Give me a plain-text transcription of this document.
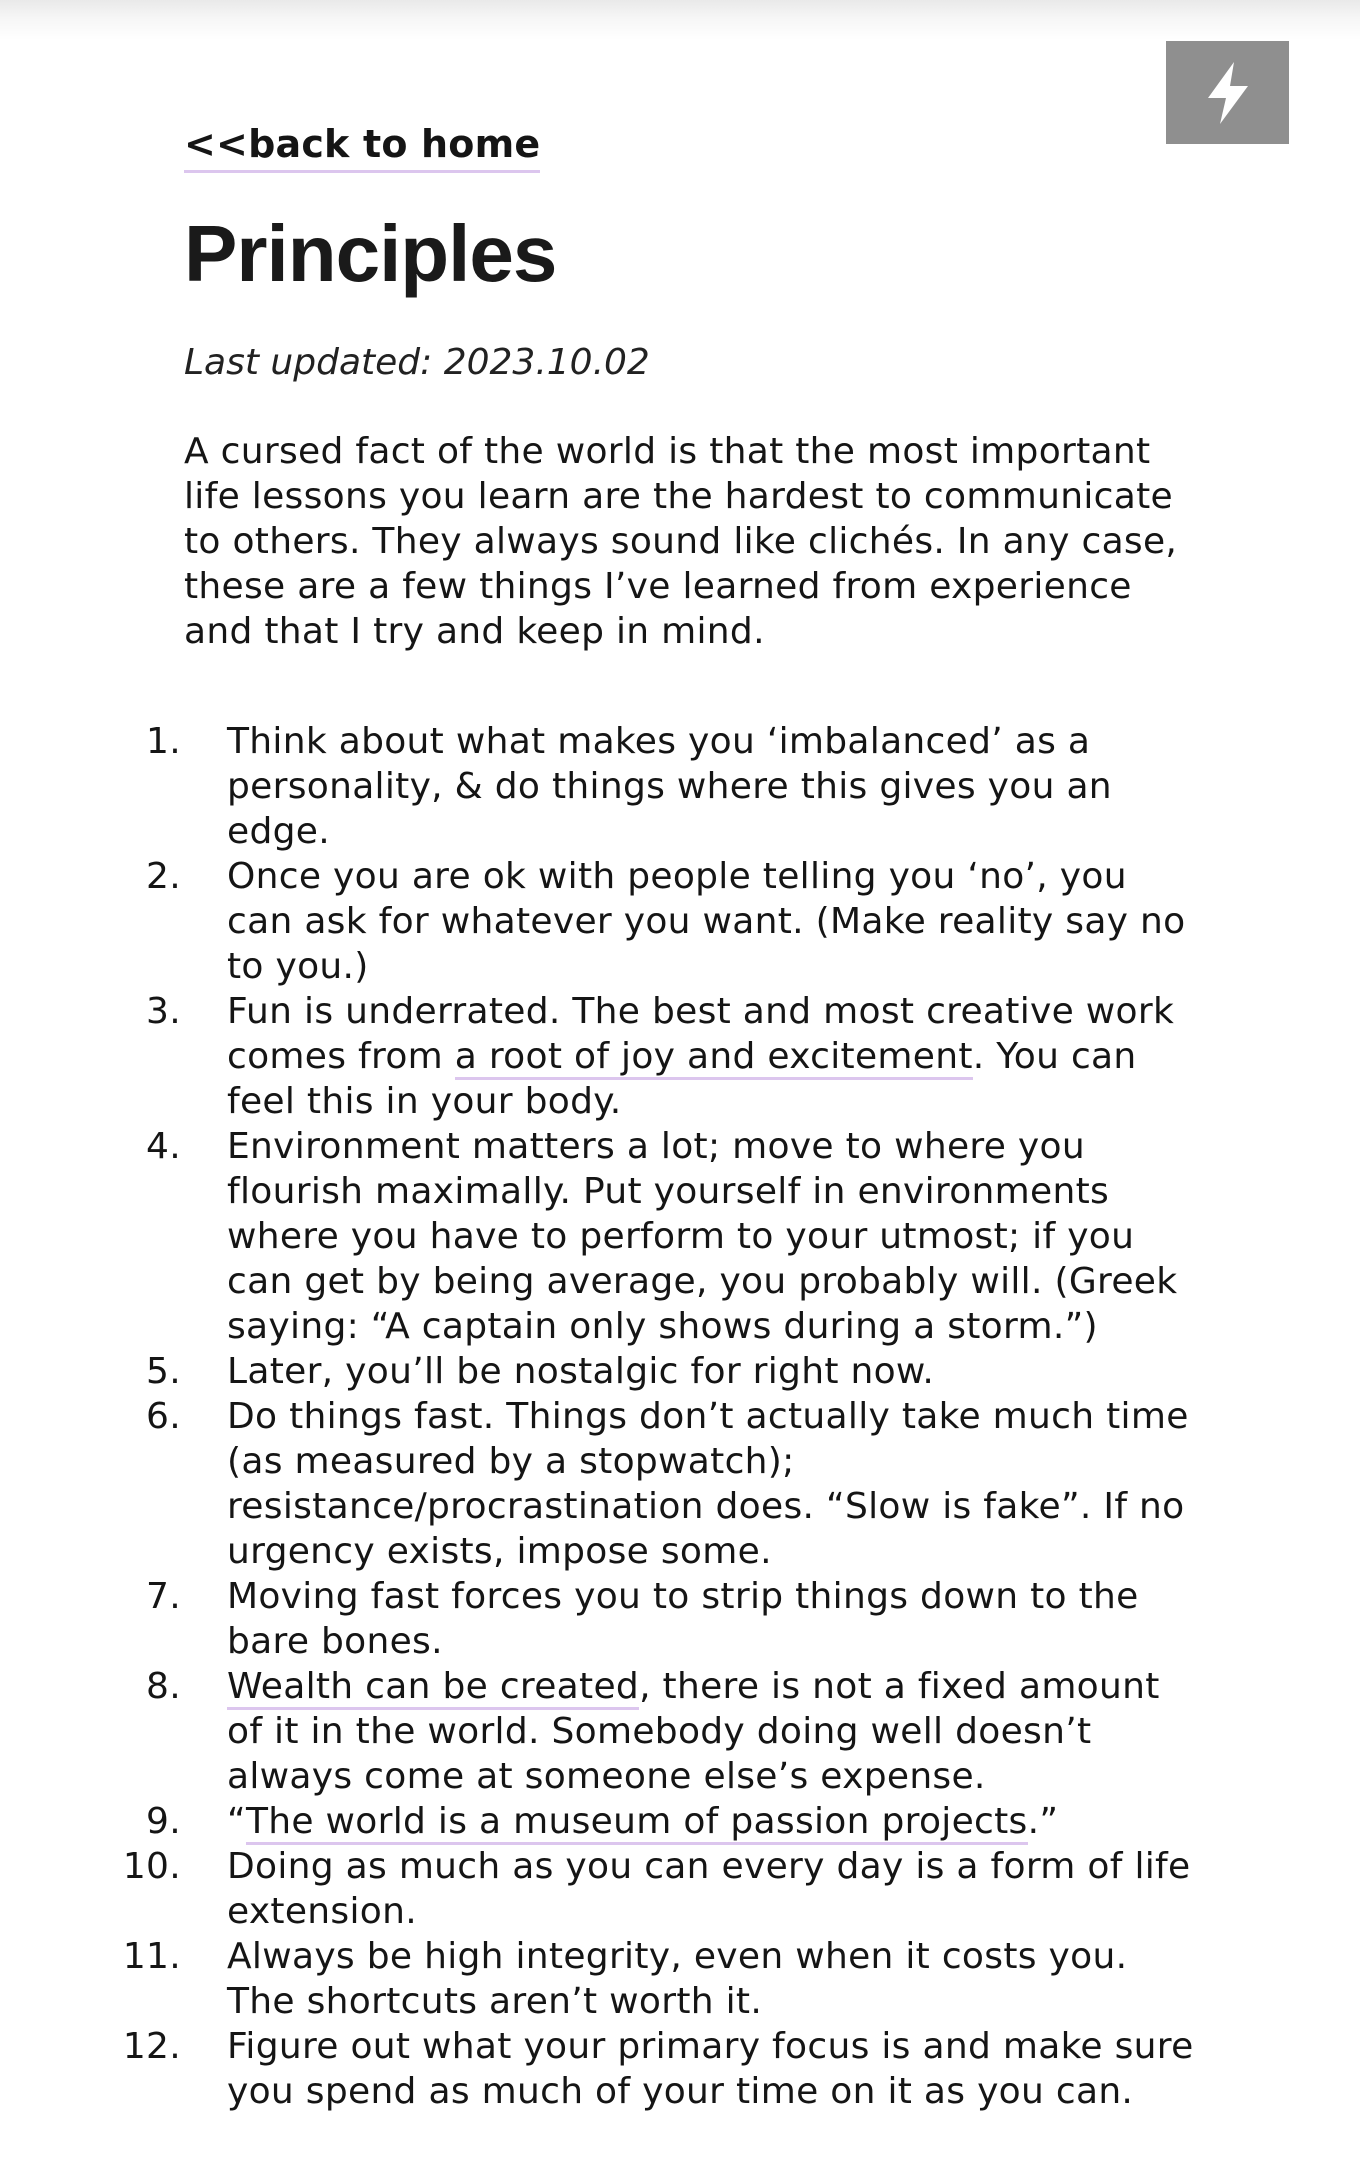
<<back to home
Principles

Last updated: 2023.10.02

A cursed fact of the world is that the most important life lessons you learn are the hardest to communicate to others. They always sound like clichés. In any case, these are a few things I’ve learned from experience and that I try and keep in mind.

1. Think about what makes you ‘imbalanced’ as a personality, & do things where this gives you an edge.
2. Once you are ok with people telling you ‘no’, you can ask for whatever you want. (Make reality say no to you.)
3. Fun is underrated. The best and most creative work comes from a root of joy and excitement. You can feel this in your body.
4. Environment matters a lot; move to where you flourish maximally. Put yourself in environments where you have to perform to your utmost; if you can get by being average, you probably will. (Greek saying: “A captain only shows during a storm.”)
5. Later, you’ll be nostalgic for right now.
6. Do things fast. Things don’t actually take much time (as measured by a stopwatch); resistance/procrastination does. “Slow is fake”. If no urgency exists, impose some.
7. Moving fast forces you to strip things down to the bare bones.
8. Wealth can be created, there is not a fixed amount of it in the world. Somebody doing well doesn’t always come at someone else’s expense.
9. “The world is a museum of passion projects.”
10. Doing as much as you can every day is a form of life extension.
11. Always be high integrity, even when it costs you. The shortcuts aren’t worth it.
12. Figure out what your primary focus is and make sure you spend as much of your time on it as you can.
